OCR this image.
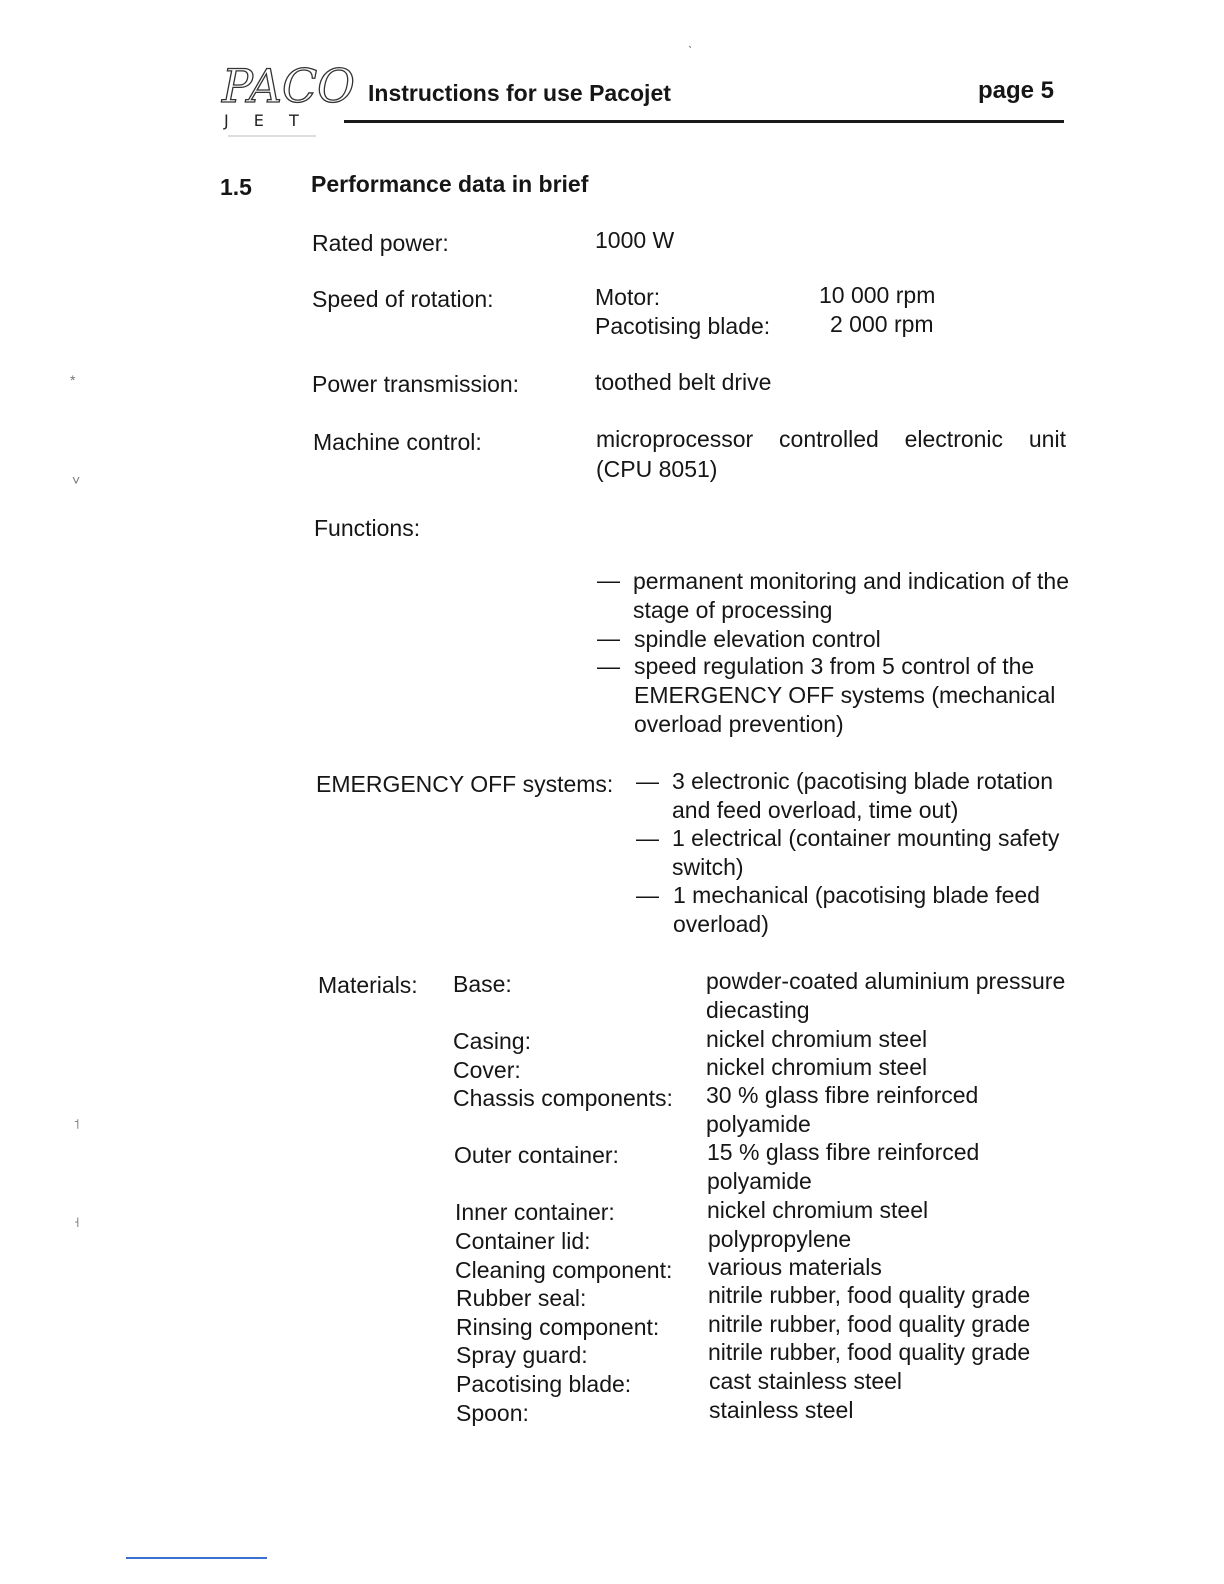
PACO
J E T
Instructions for use Pacojet	page 5
1.5	Performance data in brief
Rated power:	1000 W
Speed of rotation:	Motor:	10 000 rpm
Pacotising blade:	2 000 rpm
Power transmission:	toothed belt drive
Machine control:	microprocessor controlled electronic unit
(CPU 8051)
Functions:
— permanent monitoring and indication of the
stage of processing
— spindle elevation control
— speed regulation 3 from 5 control of the
EMERGENCY OFF systems (mechanical
overload prevention)
EMERGENCY OFF systems: — 3 electronic (pacotising blade rotation
and feed overload, time out)
— 1 electrical (container mounting safety
switch)
— 1 mechanical (pacotising blade feed
overload)
Materials: Base:	powder-coated aluminium pressure
diecasting
Casing:	nickel chromium steel
Cover:	nickel chromium steel
Chassis components: 30 % glass fibre reinforced
polyamide
Outer container:	15 % glass fibre reinforced
polyamide
Inner container:	nickel chromium steel
Container lid:	polypropylene
Cleaning component: various materials
Rubber seal:	nitrile rubber, food quality grade
Rinsing component: nitrile rubber, food quality grade
Spray guard:	nitrile rubber, food quality grade
Pacotising blade:	cast stainless steel
Spoon:	stainless steel
*
˅
˦
˧
ˎ
